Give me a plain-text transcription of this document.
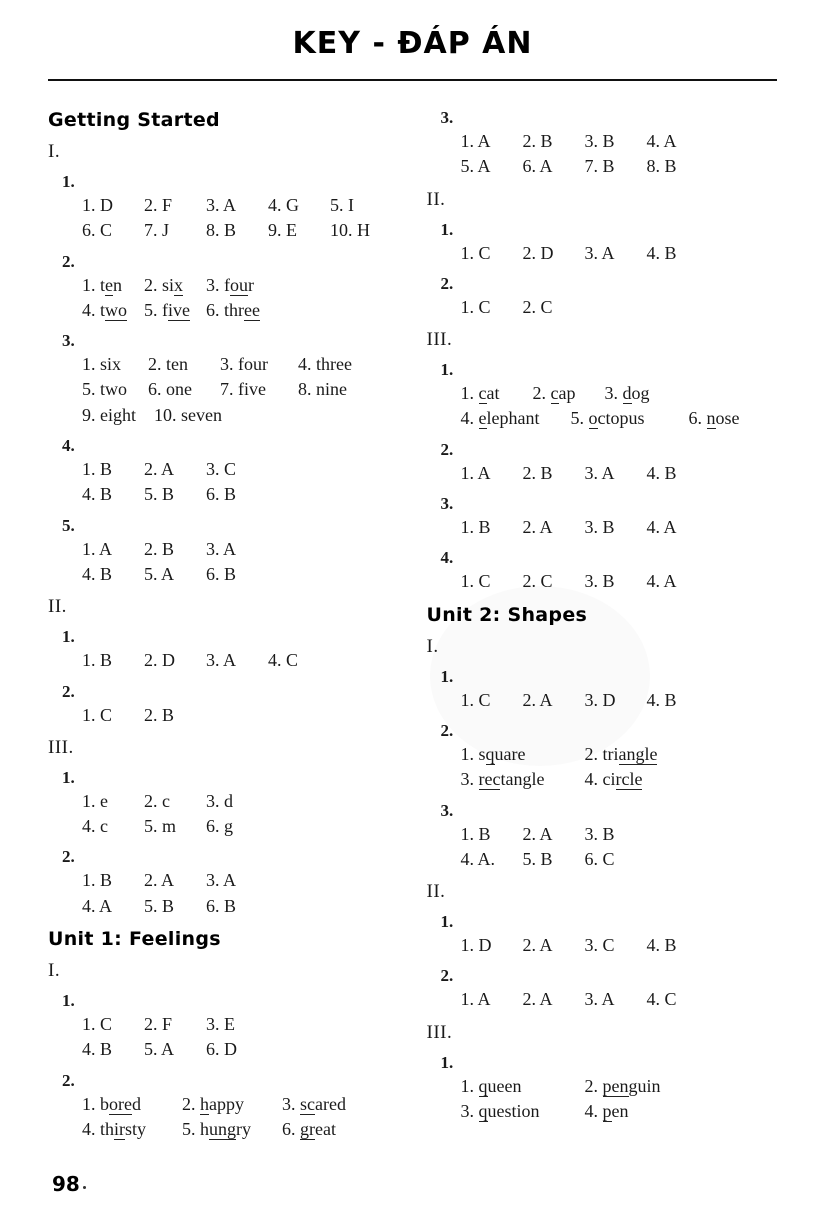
KEY - ĐÁP ÁN
Getting Started
I.
1.
1. D 2. F 3. A 4. G 5. I
6. C 7. J 8. B 9. E 10. H
2.
1. ten 2. six 3. four
4. two 5. five 6. three
3.
1. six 2. ten 3. four 4. three
5. two 6. one 7. five 8. nine
9. eight 10. seven
4.
1. B 2. A 3. C
4. B 5. B 6. B
5.
1. A 2. B 3. A
4. B 5. A 6. B
II.
1.
1. B 2. D 3. A 4. C
2.
1. C 2. B
III.
1.
1. e 2. c 3. d
4. c 5. m 6. g
2.
1. B 2. A 3. A
4. A 5. B 6. B
Unit 1: Feelings
I.
1.
1. C 2. F 3. E
4. B 5. A 6. D
2.
1. bored 2. happy 3. scared
4. thirsty 5. hungry 6. great
3.
1. A 2. B 3. B 4. A
5. A 6. A 7. B 8. B
II.
1.
1. C 2. D 3. A 4. B
2.
1. C 2. C
III.
1.
1. cat 2. cap 3. dog
4. elephant 5. octopus 6. nose
2.
1. A 2. B 3. A 4. B
3.
1. B 2. A 3. B 4. A
4.
1. C 2. C 3. B 4. A
Unit 2: Shapes
I.
1.
1. C 2. A 3. D 4. B
2.
1. square	2. triangle
3. rectangle 4. circle
3.
1. B 2. A 3. B
4. A. 5. B 6. C
II.
1.
1. D 2. A 3. C 4. B
2.
1. A 2. A 3. A 4. C
III.
1.
1. queen	2. penguin
3. question	4. pen
98
